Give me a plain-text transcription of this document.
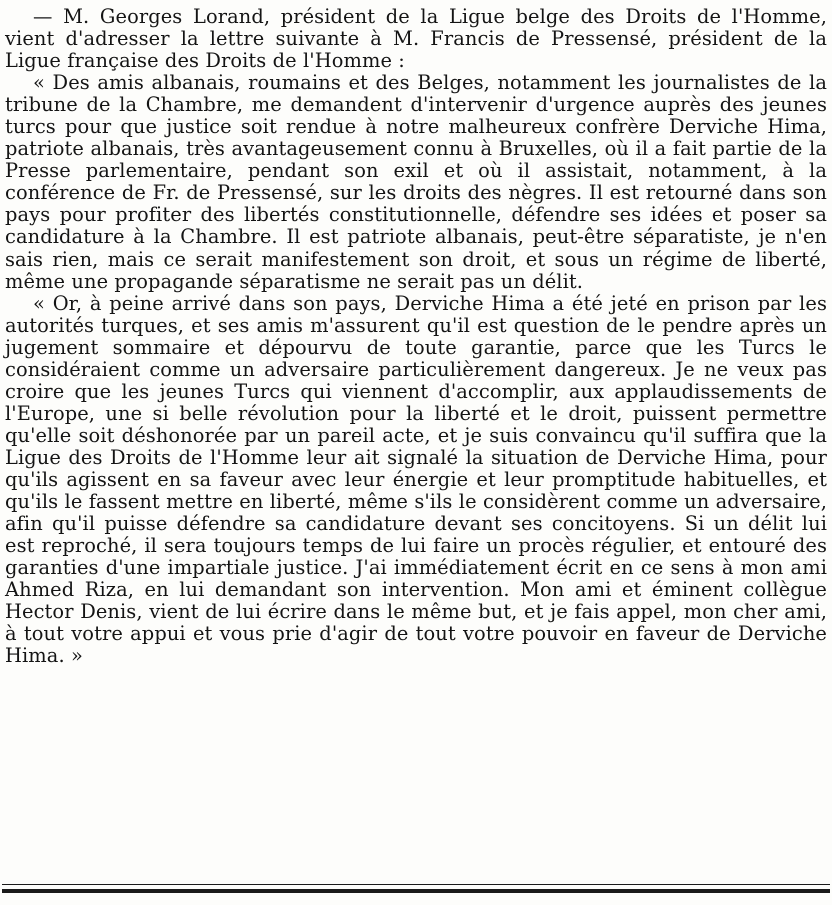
— M. Georges Lorand, président de la Ligue belge des Droits de l'Homme, vient d'adresser la lettre suivante à M. Francis de Pressensé, président de la Ligue française des Droits de l'Homme :

« Des amis albanais, roumains et des Belges, notamment les journalistes de la tribune de la Chambre, me demandent d'intervenir d'urgence auprès des jeunes turcs pour que justice soit rendue à notre malheureux confrère Derviche Hima, patriote albanais, très avantageusement connu à Bruxelles, où il a fait partie de la Presse parlementaire, pendant son exil et où il assistait, notamment, à la conférence de Fr. de Pressensé, sur les droits des nègres. Il est retourné dans son pays pour profiter des libertés constitutionnelle, défendre ses idées et poser sa candidature à la Chambre. Il est patriote albanais, peut-être séparatiste, je n'en sais rien, mais ce serait manifestement son droit, et sous un régime de liberté, même une propagande séparatisme ne serait pas un délit.

« Or, à peine arrivé dans son pays, Derviche Hima a été jeté en prison par les autorités turques, et ses amis m'assurent qu'il est question de le pendre après un jugement sommaire et dépourvu de toute garantie, parce que les Turcs le considéraient comme un adversaire particulièrement dangereux. Je ne veux pas croire que les jeunes Turcs qui viennent d'accomplir, aux applaudissements de l'Europe, une si belle révolution pour la liberté et le droit, puissent permettre qu'elle soit déshonorée par un pareil acte, et je suis convaincu qu'il suffira que la Ligue des Droits de l'Homme leur ait signalé la situation de Derviche Hima, pour qu'ils agissent en sa faveur avec leur énergie et leur promptitude habituelles, et qu'ils le fassent mettre en liberté, même s'ils le considèrent comme un adversaire, afin qu'il puisse défendre sa candidature devant ses concitoyens. Si un délit lui est reproché, il sera toujours temps de lui faire un procès régulier, et entouré des garanties d'une impartiale justice. J'ai immédiatement écrit en ce sens à mon ami Ahmed Riza, en lui demandant son intervention. Mon ami et éminent collègue Hector Denis, vient de lui écrire dans le même but, et je fais appel, mon cher ami, à tout votre appui et vous prie d'agir de tout votre pouvoir en faveur de Derviche Hima. »
